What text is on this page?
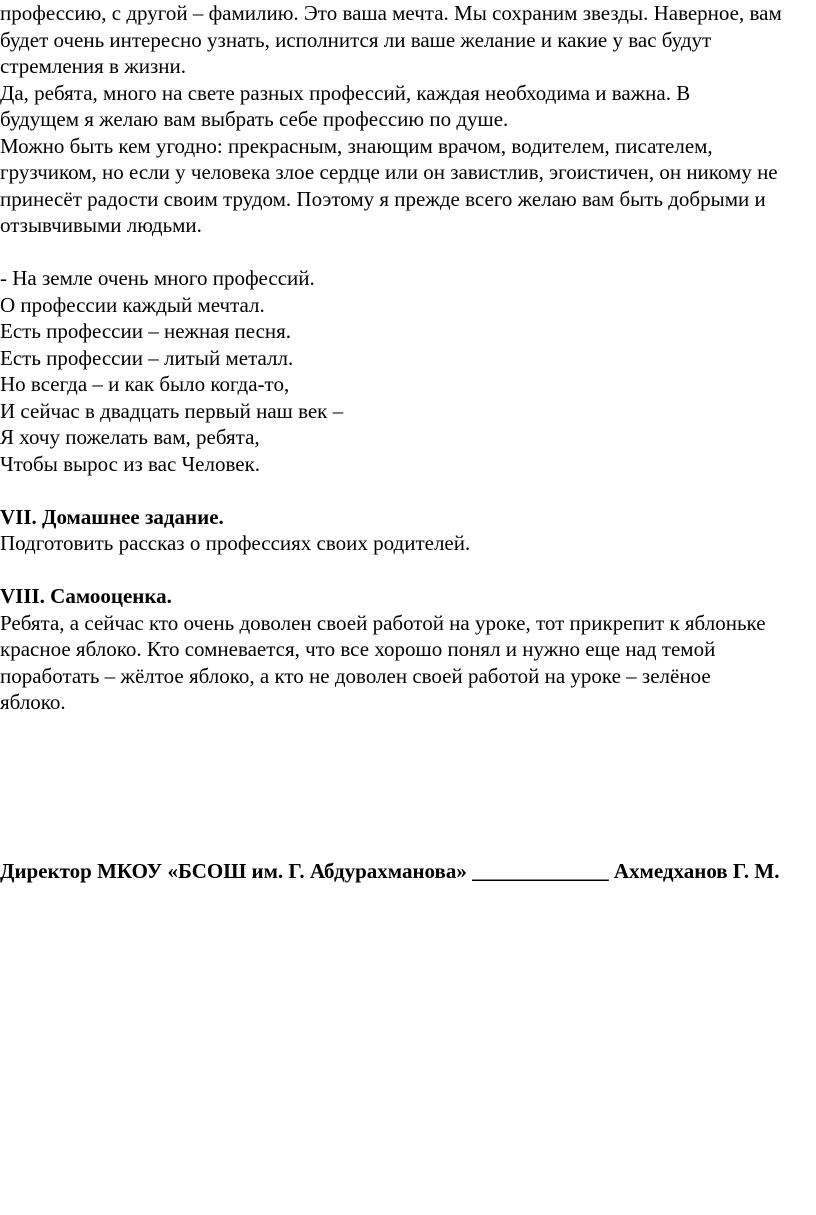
профессию, с другой – фамилию. Это ваша мечта. Мы сохраним звезды. Наверное, вам

будет очень интересно узнать, исполнится ли ваше желание и какие у вас будут

стремления в жизни.

Да, ребята, много на свете разных профессий, каждая необходима и важна. В

будущем я желаю вам выбрать себе профессию по душе.

Можно быть кем угодно: прекрасным, знающим врачом, водителем, писателем,

грузчиком, но если у человека злое сердце или он завистлив, эгоистичен, он никому не

принесёт радости своим трудом. Поэтому я прежде всего желаю вам быть добрыми и

отзывчивыми людьми.

- На земле очень много профессий.

О профессии каждый мечтал.

Есть профессии – нежная песня.

Есть профессии – литый металл.

Но всегда – и как было когда-то,

И сейчас в двадцать первый наш век –

Я хочу пожелать вам, ребята,

Чтобы вырос из вас Человек.

VII. Домашнее задание.

Подготовить рассказ о профессиях своих родителей.

VIII. Самооценка.

Ребята, а сейчас кто очень доволен своей работой на уроке, тот прикрепит к яблоньке

красное яблоко. Кто сомневается, что все хорошо понял и нужно еще над темой

поработать – жёлтое яблоко, а кто не доволен своей работой на уроке – зелёное

яблоко.

Директор МКОУ «БСОШ им. Г. Абдурахманова» _____________ Ахмедханов Г. М.
